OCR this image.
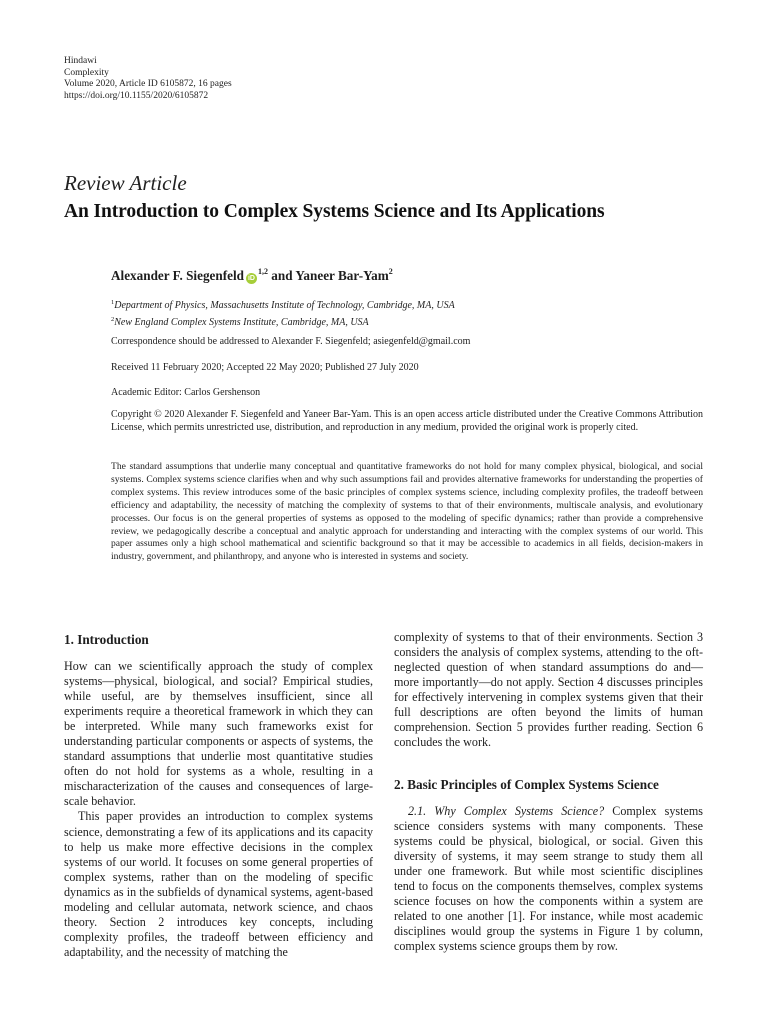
Hindawi
Complexity
Volume 2020, Article ID 6105872, 16 pages
https://doi.org/10.1155/2020/6105872
Review Article
An Introduction to Complex Systems Science and Its Applications
Alexander F. Siegenfeld iD$^{1,2}$ and Yaneer Bar-Yam$^2$
$^1$Department of Physics, Massachusetts Institute of Technology, Cambridge, MA, USA
$^2$New England Complex Systems Institute, Cambridge, MA, USA
Correspondence should be addressed to Alexander F. Siegenfeld; asiegenfeld@gmail.com
Received 11 February 2020; Accepted 22 May 2020; Published 27 July 2020
Academic Editor: Carlos Gershenson
Copyright © 2020 Alexander F. Siegenfeld and Yaneer Bar-Yam. This is an open access article distributed under the Creative Commons Attribution License, which permits unrestricted use, distribution, and reproduction in any medium, provided the original work is properly cited.
The standard assumptions that underlie many conceptual and quantitative frameworks do not hold for many complex physical, biological, and social systems. Complex systems science clarifies when and why such assumptions fail and provides alternative frameworks for understanding the properties of complex systems. This review introduces some of the basic principles of complex systems science, including complexity profiles, the tradeoff between efficiency and adaptability, the necessity of matching the complexity of systems to that of their environments, multiscale analysis, and evolutionary processes. Our focus is on the general properties of systems as opposed to the modeling of specific dynamics; rather than provide a comprehensive review, we pedagogically describe a conceptual and analytic approach for understanding and interacting with the complex systems of our world. This paper assumes only a high school mathematical and scientific background so that it may be accessible to academics in all fields, decision-makers in industry, government, and philanthropy, and anyone who is interested in systems and society.
1. Introduction

How can we scientifically approach the study of complex systems—physical, biological, and social? Empirical studies, while useful, are by themselves insufficient, since all experiments require a theoretical framework in which they can be interpreted. While many such frameworks exist for understanding particular components or aspects of systems, the standard assumptions that underlie most quantitative studies often do not hold for systems as a whole, resulting in a mischaracterization of the causes and consequences of large-scale behavior.

This paper provides an introduction to complex systems science, demonstrating a few of its applications and its capacity to help us make more effective decisions in the complex systems of our world. It focuses on some general properties of complex systems, rather than on the modeling of specific dynamics as in the subfields of dynamical systems, agent-based modeling and cellular automata, network science, and chaos theory. Section 2 introduces key concepts, including complexity profiles, the tradeoff between efficiency and adaptability, and the necessity of matching the

complexity of systems to that of their environments. Section 3 considers the analysis of complex systems, attending to the oft-neglected question of when standard assumptions do and—more importantly—do not apply. Section 4 discusses principles for effectively intervening in complex systems given that their full descriptions are often beyond the limits of human comprehension. Section 5 provides further reading. Section 6 concludes the work.

2. Basic Principles of Complex Systems Science

2.1. Why Complex Systems Science? Complex systems science considers systems with many components. These systems could be physical, biological, or social. Given this diversity of systems, it may seem strange to study them all under one framework. But while most scientific disciplines tend to focus on the components themselves, complex systems science focuses on how the components within a system are related to one another [1]. For instance, while most academic disciplines would group the systems in Figure 1 by column, complex systems science groups them by row.
